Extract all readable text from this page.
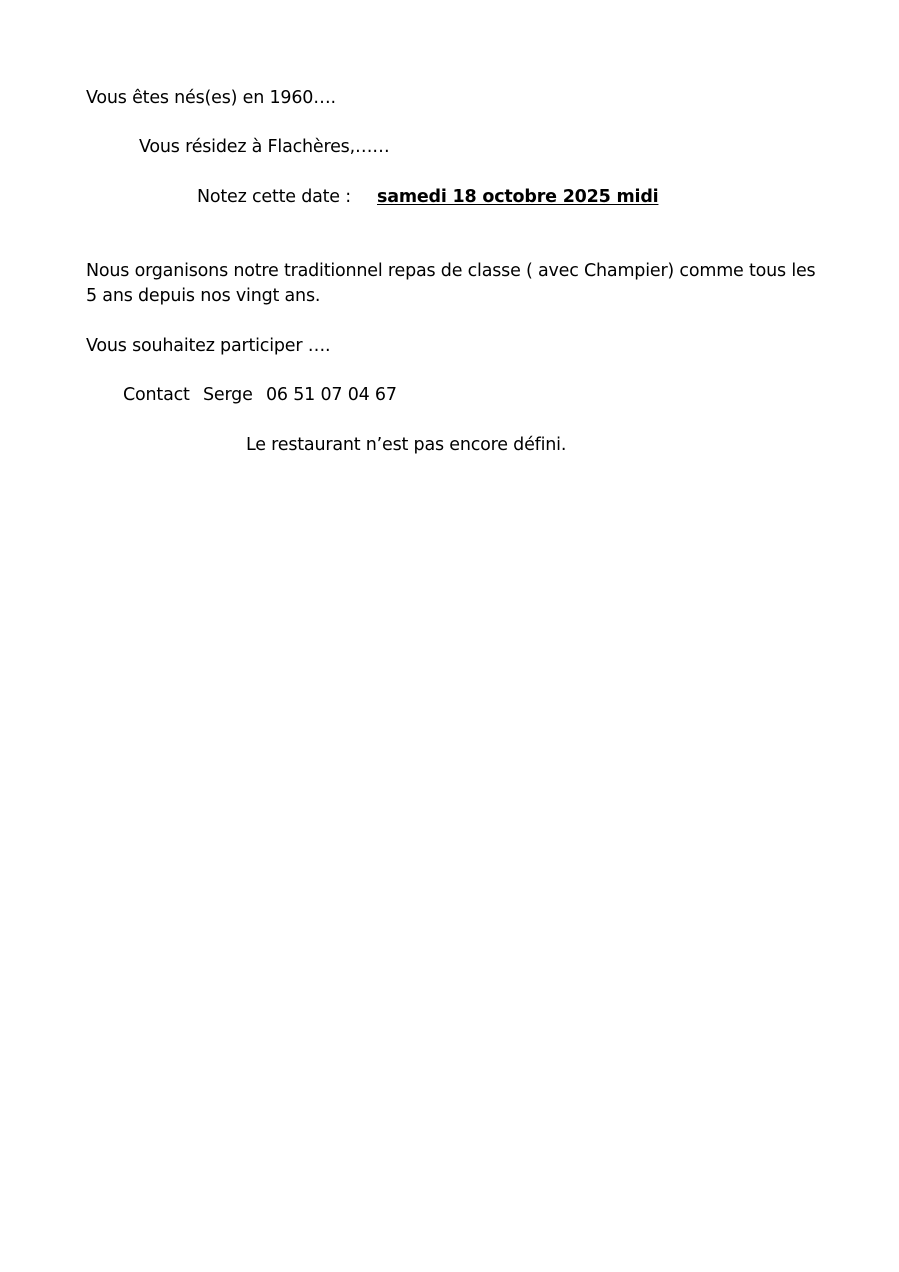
Vous êtes nés(es) en 1960….
Vous résidez à Flachères,……
Notez cette date : samedi 18 octobre 2025 midi
Nous organisons notre traditionnel repas de classe ( avec Champier) comme tous les 5 ans depuis nos vingt ans.
Vous souhaitez participer ….
Contact Serge 06 51 07 04 67
Le restaurant n’est pas encore défini.
